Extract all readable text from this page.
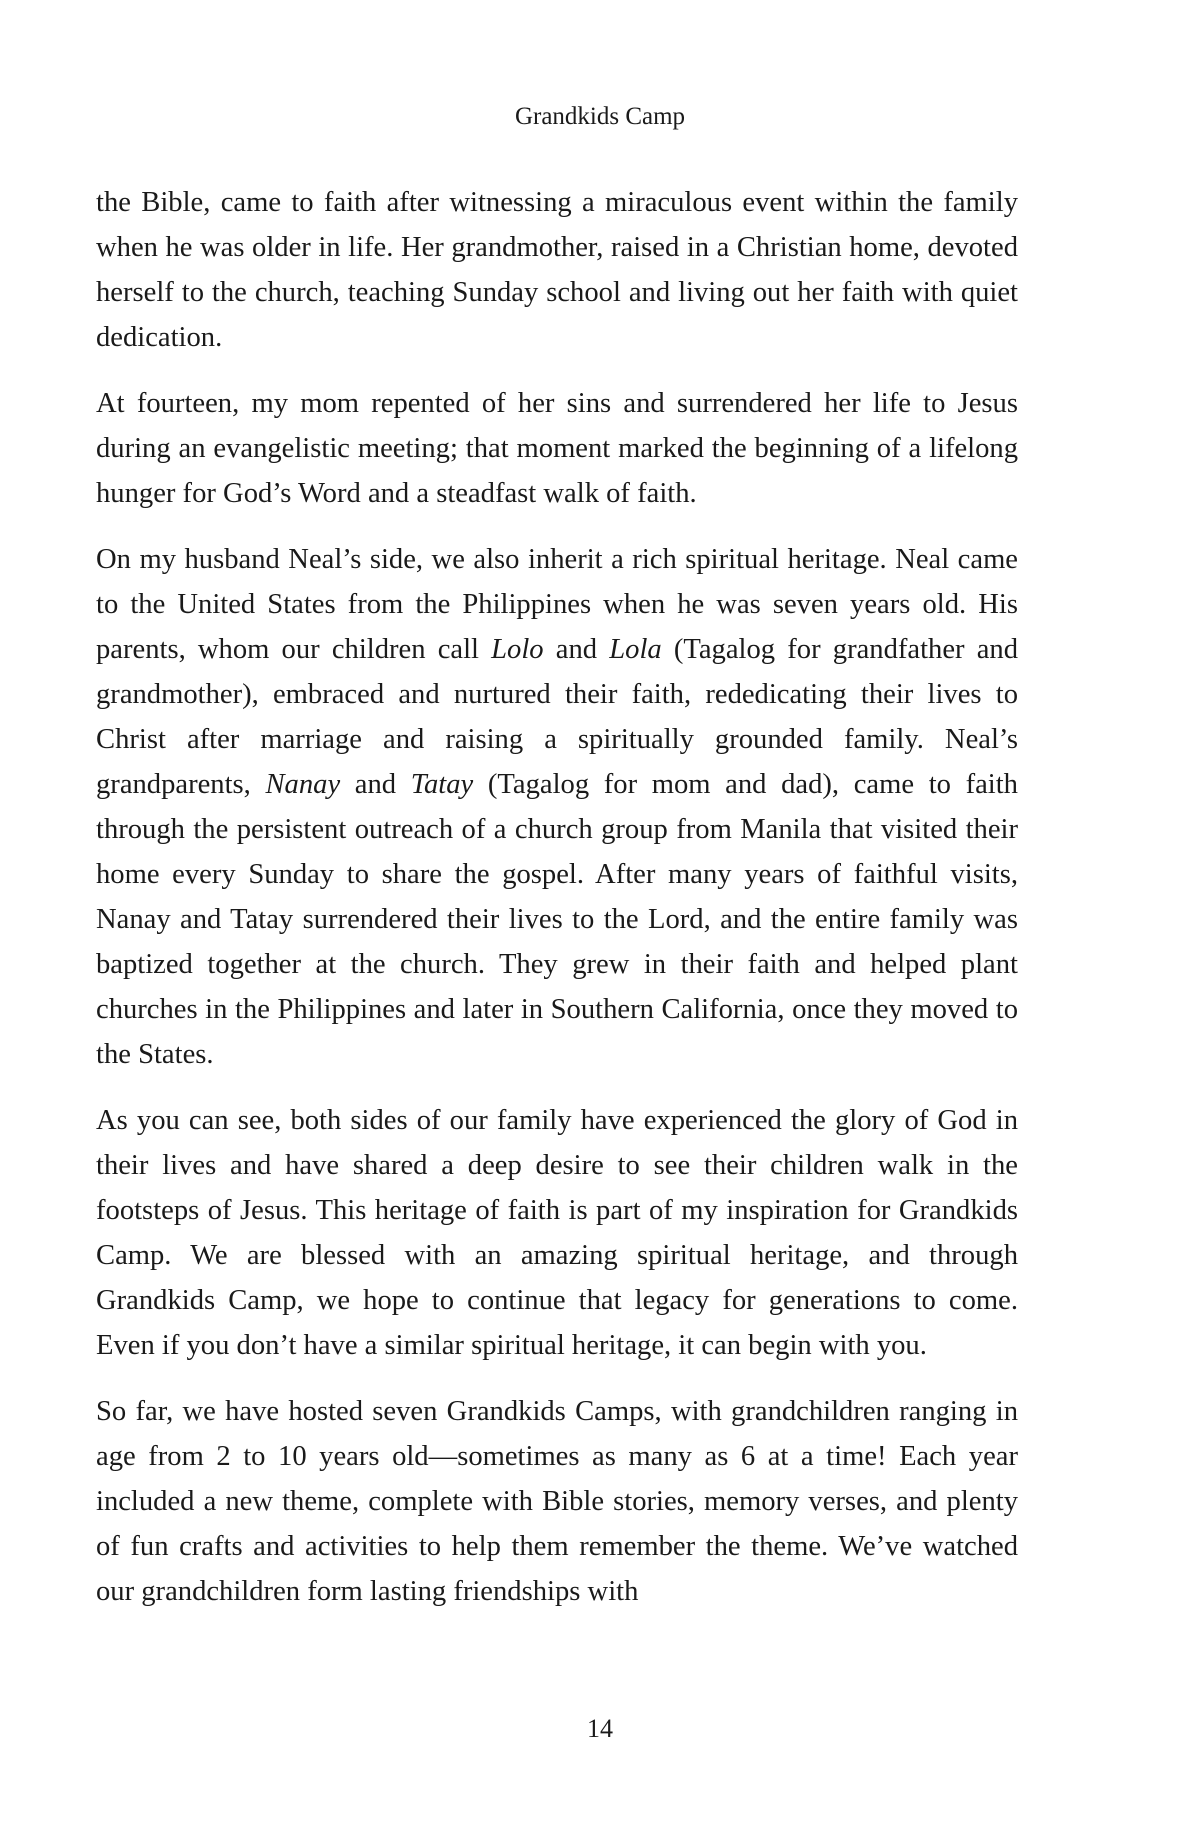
Grandkids Camp

the Bible, came to faith after witnessing a miraculous event within the family when he was older in life. Her grandmother, raised in a Christian home, devoted herself to the church, teaching Sunday school and living out her faith with quiet dedication.

At fourteen, my mom repented of her sins and surrendered her life to Jesus during an evangelistic meeting; that moment marked the beginning of a lifelong hunger for God’s Word and a steadfast walk of faith.

On my husband Neal’s side, we also inherit a rich spiritual heritage. Neal came to the United States from the Philippines when he was seven years old. His parents, whom our children call Lolo and Lola (Tagalog for grandfather and grandmother), embraced and nurtured their faith, rededicating their lives to Christ after marriage and raising a spiritually grounded family. Neal’s grandparents, Nanay and Tatay (Tagalog for mom and dad), came to faith through the persistent outreach of a church group from Manila that visited their home every Sunday to share the gospel. After many years of faithful visits, Nanay and Tatay surrendered their lives to the Lord, and the entire family was baptized together at the church. They grew in their faith and helped plant churches in the Philippines and later in Southern California, once they moved to the States.

As you can see, both sides of our family have experienced the glory of God in their lives and have shared a deep desire to see their children walk in the footsteps of Jesus. This heritage of faith is part of my inspiration for Grandkids Camp. We are blessed with an amazing spiritual heritage, and through Grandkids Camp, we hope to continue that legacy for generations to come. Even if you don’t have a similar spiritual heritage, it can begin with you.

So far, we have hosted seven Grandkids Camps, with grandchildren ranging in age from 2 to 10 years old—sometimes as many as 6 at a time! Each year included a new theme, complete with Bible stories, memory verses, and plenty of fun crafts and activities to help them remember the theme. We’ve watched our grandchildren form lasting friendships with

14
